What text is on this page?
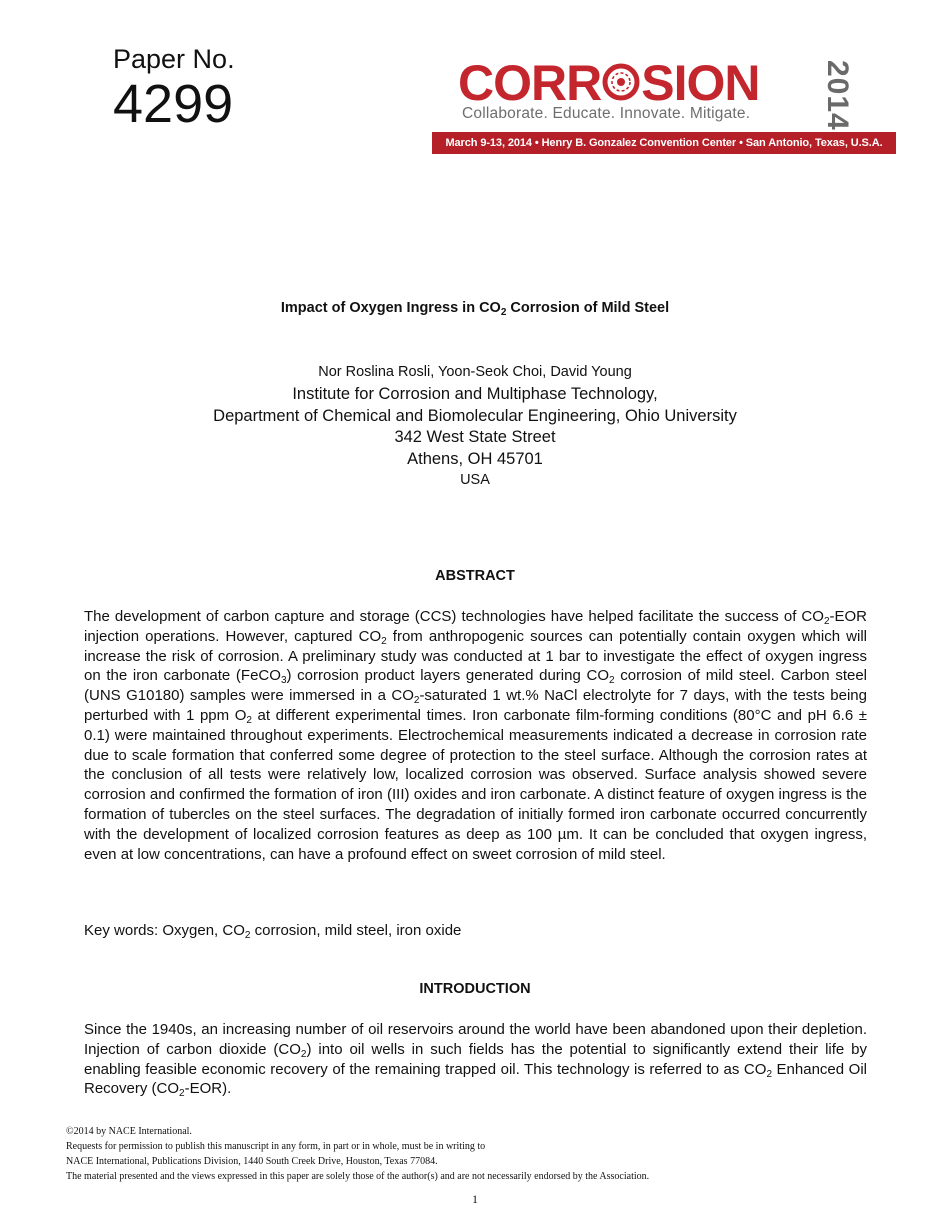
Paper No.
4299	CORR SION 2014
Collaborate. Educate. Innovate. Mitigate.
March 9-13, 2014 • Henry B. Gonzalez Convention Center • San Antonio, Texas, U.S.A.
Impact of Oxygen Ingress in $CO_2$ Corrosion of Mild Steel
Nor Roslina Rosli, Yoon-Seok Choi, David Young
Institute for Corrosion and Multiphase Technology,
Department of Chemical and Biomolecular Engineering, Ohio University
342 West State Street
Athens, OH 45701
USA
ABSTRACT
The development of carbon capture and storage (CCS) technologies have helped facilitate the success of $CO_2$-EOR injection operations. However, captured $CO_2$ from anthropogenic sources can potentially contain oxygen which will increase the risk of corrosion. A preliminary study was conducted at 1 bar to investigate the effect of oxygen ingress on the iron carbonate (FeCO$_3$) corrosion product layers generated during $CO_2$ corrosion of mild steel. Carbon steel (UNS G10180) samples were immersed in a $CO_2$-saturated 1 wt.% NaCl electrolyte for 7 days, with the tests being perturbed with 1 ppm $O_2$ at different experimental times. Iron carbonate film-forming conditions (80°C and pH 6.6 ± 0.1) were maintained throughout experiments. Electrochemical measurements indicated a decrease in corrosion rate due to scale formation that conferred some degree of protection to the steel surface. Although the corrosion rates at the conclusion of all tests were relatively low, localized corrosion was observed. Surface analysis showed severe corrosion and confirmed the formation of iron (III) oxides and iron carbonate. A distinct feature of oxygen ingress is the formation of tubercles on the steel surfaces. The degradation of initially formed iron carbonate occurred concurrently with the development of localized corrosion features as deep as 100 µm. It can be concluded that oxygen ingress, even at low concentrations, can have a profound effect on sweet corrosion of mild steel.
Key words: Oxygen, $CO_2$ corrosion, mild steel, iron oxide
INTRODUCTION
Since the 1940s, an increasing number of oil reservoirs around the world have been abandoned upon their depletion. Injection of carbon dioxide $(CO_2)$ into oil wells in such fields has the potential to significantly extend their life by enabling feasible economic recovery of the remaining trapped oil. This technology is referred to as $CO_2$ Enhanced Oil Recovery $(CO_2-EOR)$.
©2014 by NACE International.
Requests for permission to publish this manuscript in any form, in part or in whole, must be in writing to
NACE International, Publications Division, 1440 South Creek Drive, Houston, Texas 77084.
The material presented and the views expressed in this paper are solely those of the author(s) and are not necessarily endorsed by the Association.
1
